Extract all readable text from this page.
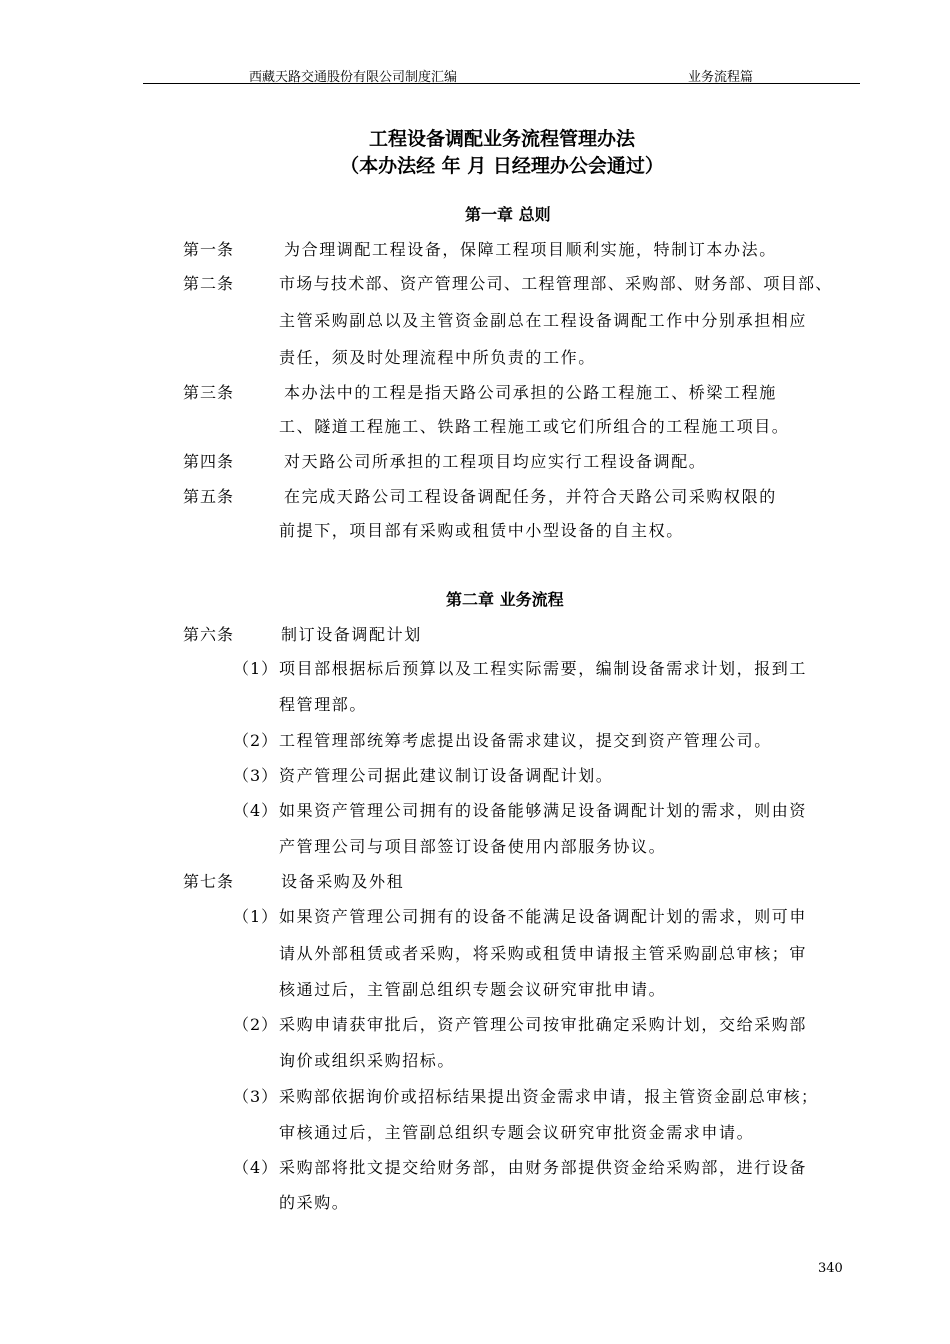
西藏天路交通股份有限公司制度汇编	业务流程篇
工程设备调配业务流程管理办法
（本办法经 年 月 日经理办公会通过）
第一章 总则
第一条	为合理调配工程设备，保障工程项目顺利实施，特制订本办法。
第二条	市场与技术部、资产管理公司、工程管理部、采购部、财务部、项目部、
主管采购副总以及主管资金副总在工程设备调配工作中分别承担相应
责任，须及时处理流程中所负责的工作。
第三条	本办法中的工程是指天路公司承担的公路工程施工、桥梁工程施
工、隧道工程施工、铁路工程施工或它们所组合的工程施工项目。
第四条	对天路公司所承担的工程项目均应实行工程设备调配。
第五条	在完成天路公司工程设备调配任务，并符合天路公司采购权限的
前提下，项目部有采购或租赁中小型设备的自主权。
第二章 业务流程
第六条	制订设备调配计划
（1） 项目部根据标后预算以及工程实际需要，编制设备需求计划，报到工
程管理部。
（2） 工程管理部统筹考虑提出设备需求建议，提交到资产管理公司。
（3） 资产管理公司据此建议制订设备调配计划。
（4） 如果资产管理公司拥有的设备能够满足设备调配计划的需求，则由资
产管理公司与项目部签订设备使用内部服务协议。
第七条	设备采购及外租
（1） 如果资产管理公司拥有的设备不能满足设备调配计划的需求，则可申
请从外部租赁或者采购，将采购或租赁申请报主管采购副总审核；审
核通过后，主管副总组织专题会议研究审批申请。
（2） 采购申请获审批后，资产管理公司按审批确定采购计划，交给采购部
询价或组织采购招标。
（3） 采购部依据询价或招标结果提出资金需求申请，报主管资金副总审核；
审核通过后，主管副总组织专题会议研究审批资金需求申请。
（4） 采购部将批文提交给财务部，由财务部提供资金给采购部，进行设备
的采购。
340
